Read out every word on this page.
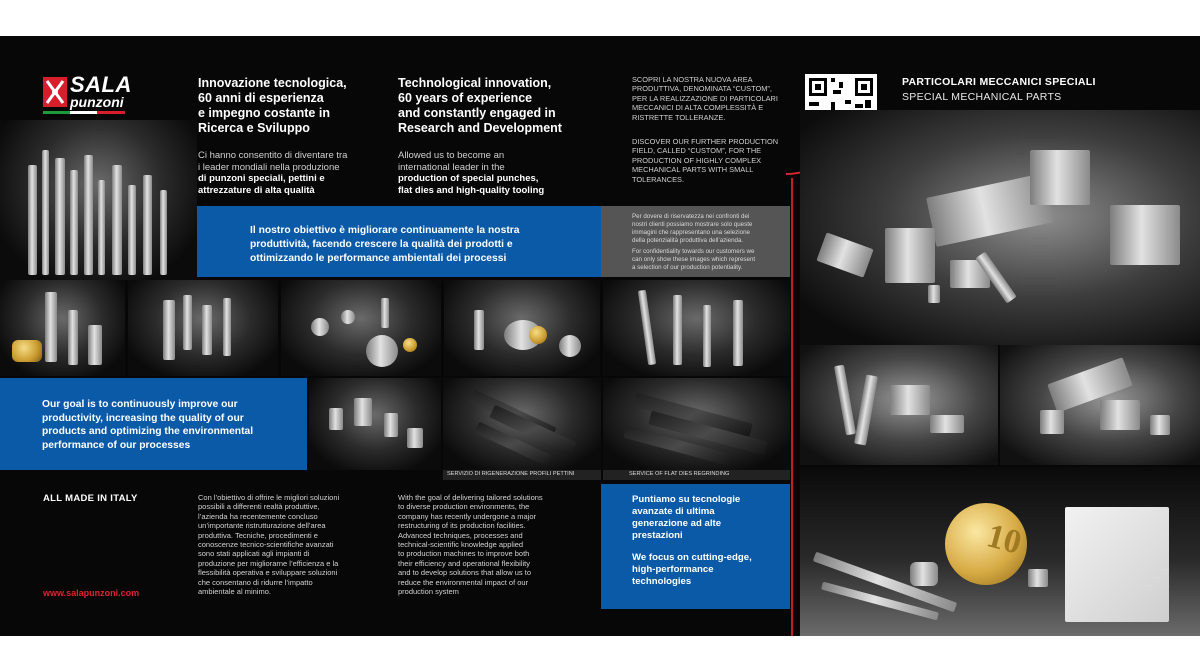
SALA
punzoni
Innovazione tecnologica,
60 anni di esperienza
e impegno costante in
Ricerca e Sviluppo
Ci hanno consentito di diventare tra
i leader mondiali nella produzione
di punzoni speciali, pettini e
attrezzature di alta qualità
Technological innovation,
60 years of experience
and constantly engaged in
Research and Development
Allowed us to become an
international leader in the
production of special punches,
flat dies and high-quality tooling
SCOPRI LA NOSTRA NUOVA AREA
PRODUTTIVA, DENOMINATA “CUSTOM”,
PER LA REALIZZAZIONE DI PARTICOLARI
MECCANICI DI ALTA COMPLESSITÀ E
RISTRETTE TOLLERANZE.
DISCOVER OUR FURTHER PRODUCTION
FIELD, CALLED “CUSTOM”, FOR THE
PRODUCTION OF HIGHLY COMPLEX
MECHANICAL PARTS WITH SMALL
TOLERANCES.
PARTICOLARI MECCANICI SPECIALI
SPECIAL MECHANICAL PARTS
Il nostro obiettivo è migliorare continuamente la nostra
produttività, facendo crescere la qualità dei prodotti e
ottimizzando le performance ambientali dei processi
Per dovere di riservatezza nei confronti dei
nostri clienti possiamo mostrare solo queste
immagini che rappresentano una selezione
della potenzialità produttiva dell’azienda.
For confidentiality towards our customers we
can only show these images which represent
a selection of our production potentiality.
Our goal is to continuously improve our
productivity, increasing the quality of our
products and optimizing the environmental
performance of our processes
SERVIZIO DI RIGENERAZIONE PROFILI PETTINI	SERVICE OF FLAT DIES REGRINDING
10
ALL MADE IN ITALY
www.salapunzoni.com
Con l’obiettivo di offrire le migliori soluzioni
possibili a differenti realtà produttive,
l’azienda ha recentemente concluso
un’importante ristrutturazione dell’area
produttiva. Tecniche, procedimenti e
conoscenze tecnico-scientifiche avanzati
sono stati applicati agli impianti di
produzione per migliorarne l’efficienza e la
flessibilità operativa e sviluppare soluzioni
che consentano di ridurre l’impatto
ambientale al minimo.
With the goal of delivering tailored solutions
to diverse production environments, the
company has recently undergone a major
restructuring of its production facilities.
Advanced techniques, processes and
technical-scientific knowledge applied
to production machines to improve both
their efficiency and operational flexibility
and to develop solutions that allow us to
reduce the environmental impact of our
production system
Puntiamo su tecnologie
avanzate di ultima
generazione ad alte
prestazioni
We focus on cutting-edge,
high-performance
technologies
